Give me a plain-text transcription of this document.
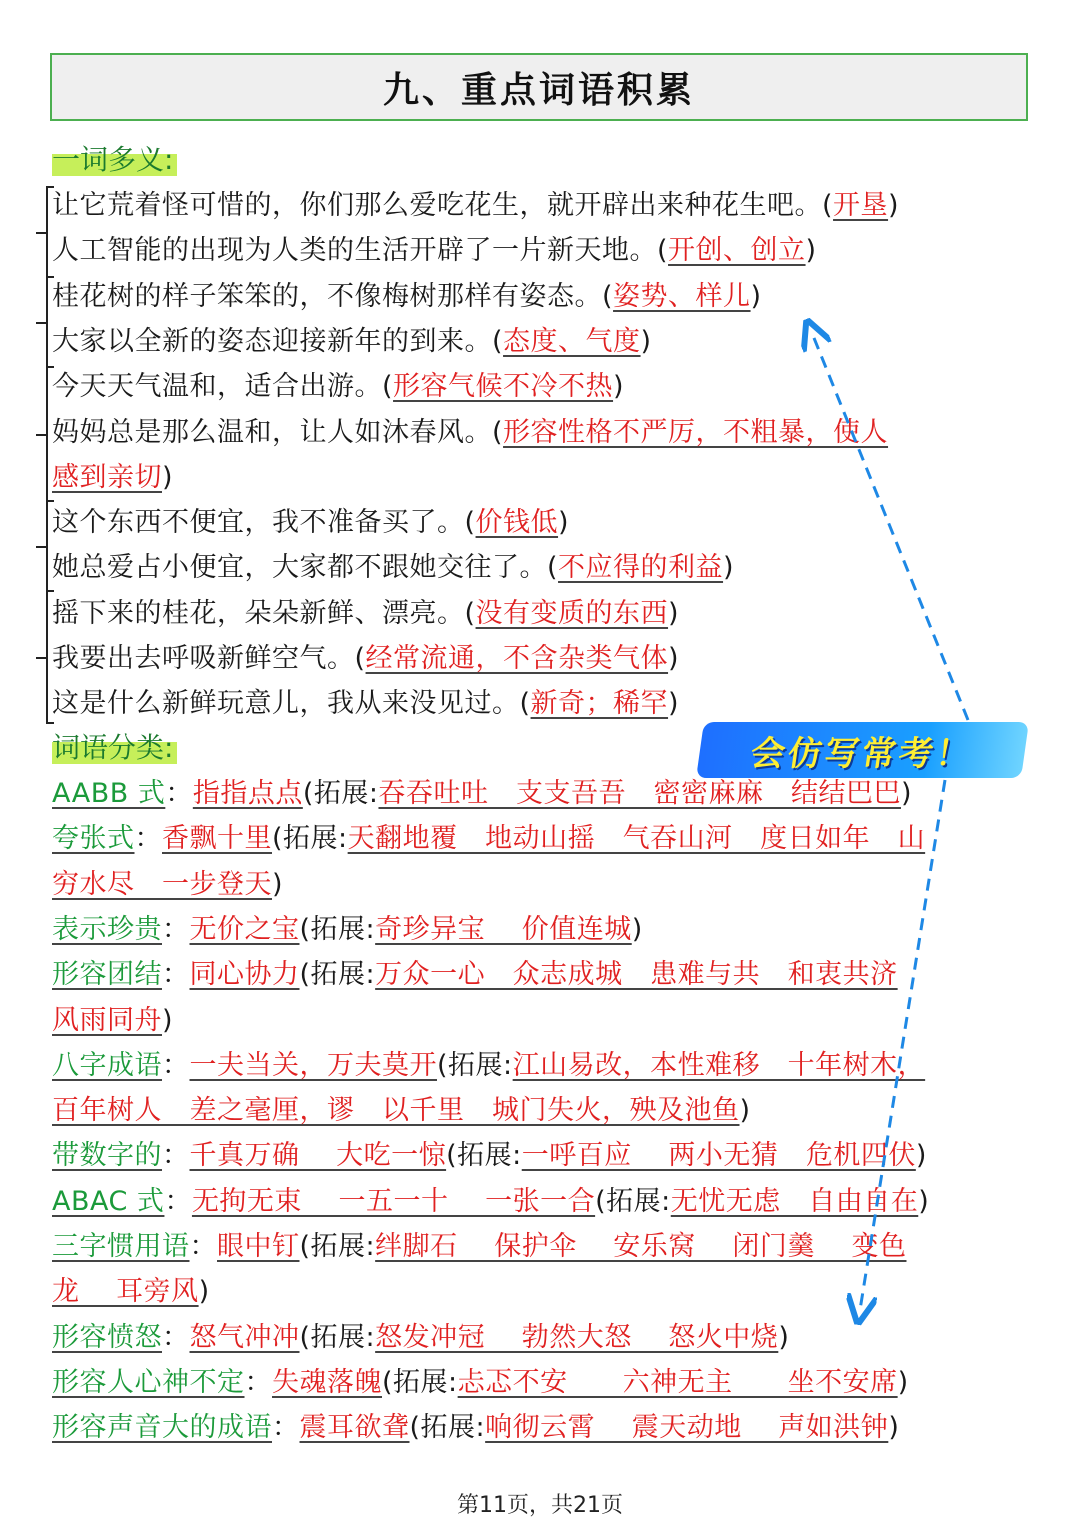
九、重点词语积累
一词多义:
让它荒着怪可惜的，你们那么爱吃花生，就开辟出来种花生吧。(开垦)
人工智能的出现为人类的生活开辟了一片新天地。(开创、创立)
桂花树的样子笨笨的，不像梅树那样有姿态。(姿势、样儿)
大家以全新的姿态迎接新年的到来。(态度、气度)
今天天气温和，适合出游。(形容气候不冷不热)
妈妈总是那么温和，让人如沐春风。(形容性格不严厉，不粗暴，使人
感到亲切)
这个东西不便宜，我不准备买了。(价钱低)
她总爱占小便宜，大家都不跟她交往了。(不应得的利益)
摇下来的桂花，朵朵新鲜、漂亮。(没有变质的东西)
我要出去呼吸新鲜空气。(经常流通，不含杂类气体)
这是什么新鲜玩意儿，我从来没见过。(新奇；稀罕)
词语分类:
AABB 式：指指点点(拓展:吞吞吐吐　支支吾吾　密密麻麻　结结巴巴)
夸张式：香飘十里(拓展:天翻地覆　地动山摇　气吞山河　度日如年　山
穷水尽　一步登天)
表示珍贵：无价之宝(拓展:奇珍异宝　 价值连城)
形容团结：同心协力(拓展:万众一心　众志成城　患难与共　和衷共济
风雨同舟)
八字成语：一夫当关，万夫莫开(拓展:江山易改，本性难移　十年树木，
百年树人　差之毫厘，谬　以千里　城门失火，殃及池鱼)
带数字的：千真万确　 大吃一惊(拓展:一呼百应　 两小无猜　危机四伏)
ABAC 式：无拘无束　 一五一十　 一张一合(拓展:无忧无虑　自由自在)
三字惯用语：眼中钉(拓展:绊脚石　 保护伞　 安乐窝　 闭门羹　 变色
龙　 耳旁风)
形容愤怒：怒气冲冲(拓展:怒发冲冠　 勃然大怒　 怒火中烧)
形容人心神不定：失魂落魄(拓展:忐忑不安　　六神无主　　坐不安席)
形容声音大的成语：震耳欲聋(拓展:响彻云霄　 震天动地　 声如洪钟)
会仿写常考！
第11页，共21页
